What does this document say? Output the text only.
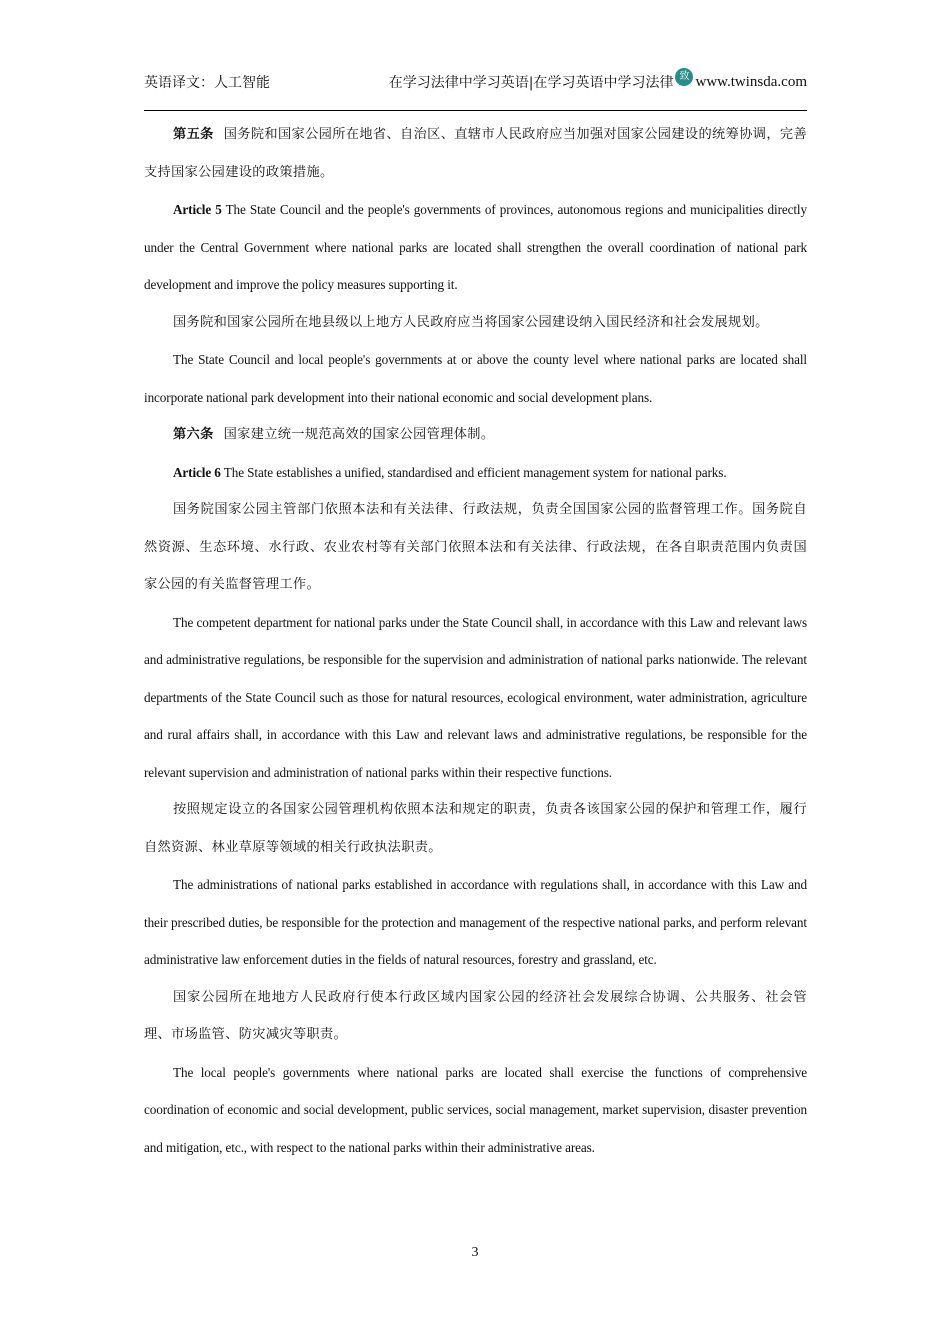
英语译文：人工智能	在学习法律中学习英语|在学习英语中学习法律 致 www.twinsda.com

第五条 国务院和国家公园所在地省、自治区、直辖市人民政府应当加强对国家公园建设的统筹协调，完善支持国家公园建设的政策措施。

Article 5 The State Council and the people's governments of provinces, autonomous regions and municipalities directly under the Central Government where national parks are located shall strengthen the overall coordination of national park development and improve the policy measures supporting it.

国务院和国家公园所在地县级以上地方人民政府应当将国家公园建设纳入国民经济和社会发展规划。

The State Council and local people's governments at or above the county level where national parks are located shall incorporate national park development into their national economic and social development plans.

第六条 国家建立统一规范高效的国家公园管理体制。

Article 6 The State establishes a unified, standardised and efficient management system for national parks.

国务院国家公园主管部门依照本法和有关法律、行政法规，负责全国国家公园的监督管理工作。国务院自然资源、生态环境、水行政、农业农村等有关部门依照本法和有关法律、行政法规，在各自职责范围内负责国家公园的有关监督管理工作。

The competent department for national parks under the State Council shall, in accordance with this Law and relevant laws and administrative regulations, be responsible for the supervision and administration of national parks nationwide. The relevant departments of the State Council such as those for natural resources, ecological environment, water administration, agriculture and rural affairs shall, in accordance with this Law and relevant laws and administrative regulations, be responsible for the relevant supervision and administration of national parks within their respective functions.

按照规定设立的各国家公园管理机构依照本法和规定的职责，负责各该国家公园的保护和管理工作，履行自然资源、林业草原等领域的相关行政执法职责。

The administrations of national parks established in accordance with regulations shall, in accordance with this Law and their prescribed duties, be responsible for the protection and management of the respective national parks, and perform relevant administrative law enforcement duties in the fields of natural resources, forestry and grassland, etc.

国家公园所在地地方人民政府行使本行政区域内国家公园的经济社会发展综合协调、公共服务、社会管理、市场监管、防灾减灾等职责。

The local people's governments where national parks are located shall exercise the functions of comprehensive coordination of economic and social development, public services, social management, market supervision, disaster prevention and mitigation, etc., with respect to the national parks within their administrative areas.

3
